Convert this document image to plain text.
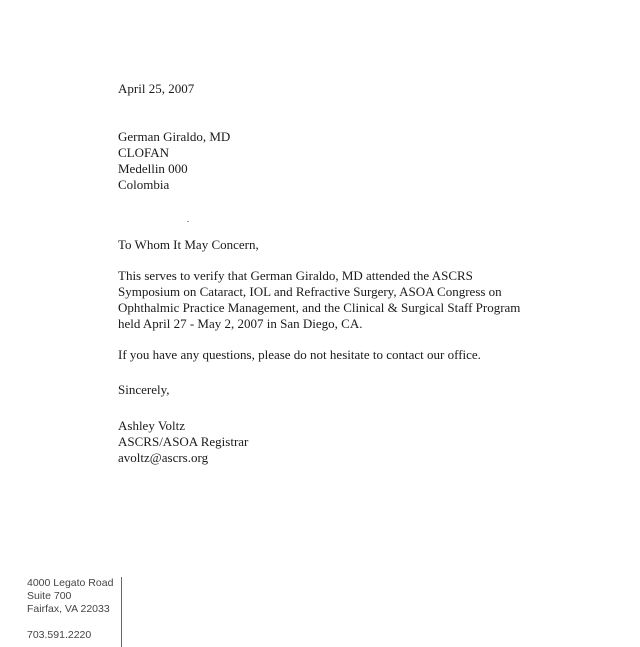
April 25, 2007
German Giraldo, MD
CLOFAN
Medellin 000
Colombia
To Whom It May Concern,
This serves to verify that German Giraldo, MD attended the ASCRS
Symposium on Cataract, IOL and Refractive Surgery, ASOA Congress on
Ophthalmic Practice Management, and the Clinical & Surgical Staff Program
held April 27 - May 2, 2007 in San Diego, CA.
If you have any questions, please do not hesitate to contact our office.
Sincerely,
Ashley Voltz
ASCRS/ASOA Registrar
avoltz@ascrs.org
4000 Legato Road
Suite 700
Fairfax, VA 22033
703.591.2220
